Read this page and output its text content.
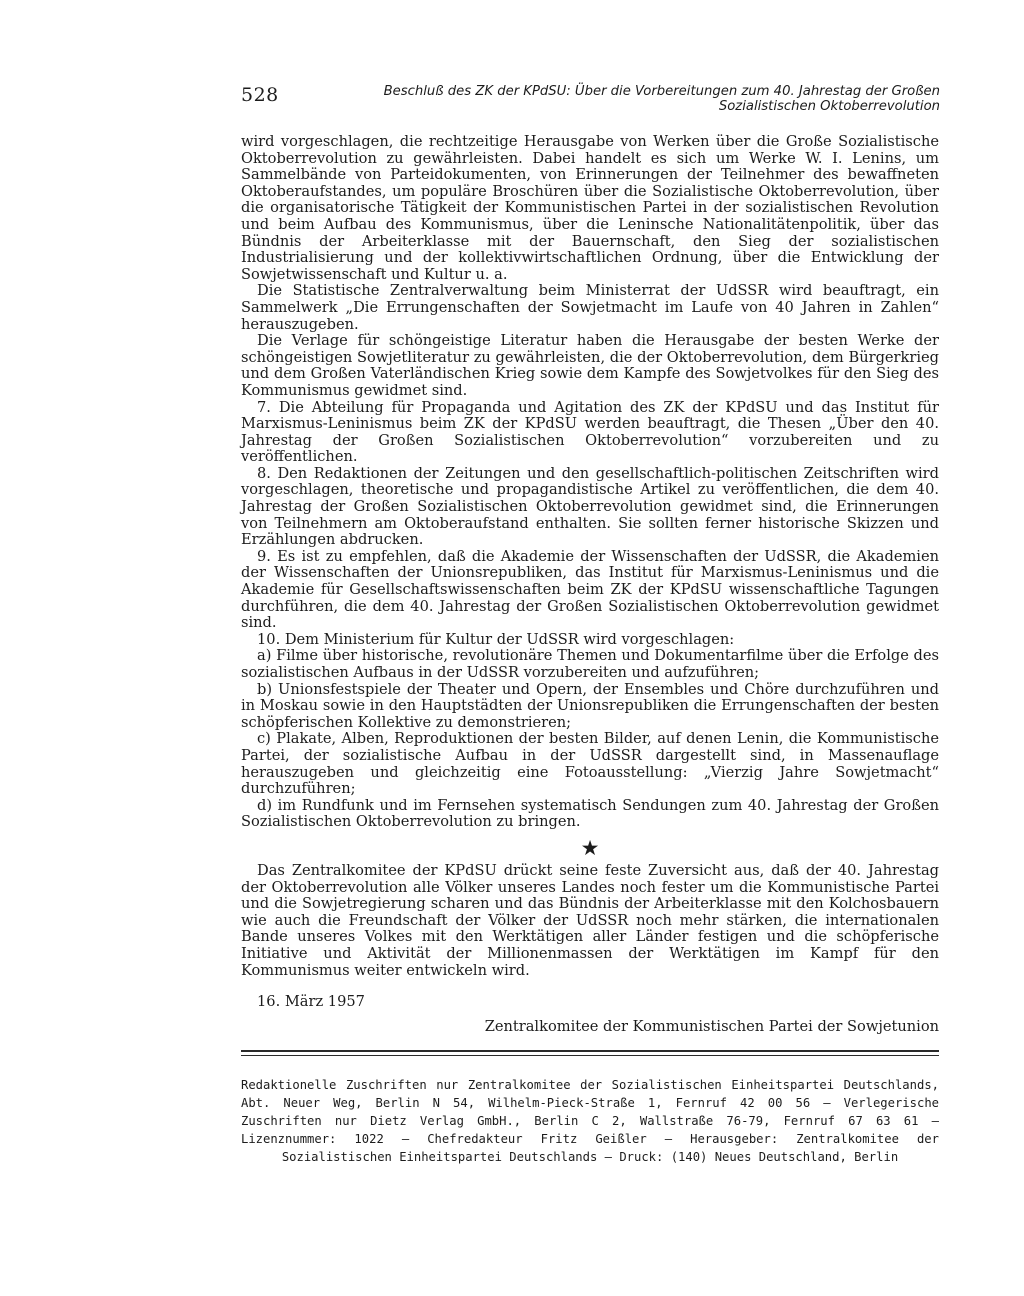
528	Beschluß des ZK der KPdSU: Über die Vorbereitungen zum 40. Jahrestag der Großen
Sozialistischen Oktoberrevolution

wird vorgeschlagen, die rechtzeitige Herausgabe von Werken über die Große Sozialistische Oktoberrevolution zu gewährleisten. Dabei handelt es sich um Werke W. I. Lenins, um Sammelbände von Parteidokumenten, von Erinnerungen der Teilnehmer des bewaffneten Oktoberaufstandes, um populäre Broschüren über die Sozialistische Oktoberrevolution, über die organisatorische Tätigkeit der Kommunistischen Partei in der sozialistischen Revolution und beim Aufbau des Kommunismus, über die Leninsche Nationalitätenpolitik, über das Bündnis der Arbeiterklasse mit der Bauernschaft, den Sieg der sozialistischen Industrialisierung und der kollektivwirtschaftlichen Ordnung, über die Entwicklung der Sowjetwissenschaft und Kultur u. a.

Die Statistische Zentralverwaltung beim Ministerrat der UdSSR wird beauftragt, ein Sammelwerk „Die Errungenschaften der Sowjetmacht im Laufe von 40 Jahren in Zahlen“ herauszugeben.

Die Verlage für schöngeistige Literatur haben die Herausgabe der besten Werke der schöngeistigen Sowjetliteratur zu gewährleisten, die der Oktoberrevolution, dem Bürgerkrieg und dem Großen Vaterländischen Krieg sowie dem Kampfe des Sowjetvolkes für den Sieg des Kommunismus gewidmet sind.

7. Die Abteilung für Propaganda und Agitation des ZK der KPdSU und das Institut für Marxismus-Leninismus beim ZK der KPdSU werden beauftragt, die Thesen „Über den 40. Jahrestag der Großen Sozialistischen Oktoberrevolution“ vorzubereiten und zu veröffentlichen.

8. Den Redaktionen der Zeitungen und den gesellschaftlich-politischen Zeitschriften wird vorgeschlagen, theoretische und propagandistische Artikel zu veröffentlichen, die dem 40. Jahrestag der Großen Sozialistischen Oktoberrevolution gewidmet sind, die Erinnerungen von Teilnehmern am Oktoberaufstand enthalten. Sie sollten ferner historische Skizzen und Erzählungen abdrucken.

9. Es ist zu empfehlen, daß die Akademie der Wissenschaften der UdSSR, die Akademien der Wissenschaften der Unionsrepubliken, das Institut für Marxismus-Leninismus und die Akademie für Gesellschaftswissenschaften beim ZK der KPdSU wissenschaftliche Tagungen durchführen, die dem 40. Jahrestag der Großen Sozialistischen Oktoberrevolution gewidmet sind.

10. Dem Ministerium für Kultur der UdSSR wird vorgeschlagen:

a) Filme über historische, revolutionäre Themen und Dokumentarfilme über die Erfolge des sozialistischen Aufbaus in der UdSSR vorzubereiten und aufzuführen;

b) Unionsfestspiele der Theater und Opern, der Ensembles und Chöre durchzuführen und in Moskau sowie in den Hauptstädten der Unionsrepubliken die Errungenschaften der besten schöpferischen Kollektive zu demonstrieren;

c) Plakate, Alben, Reproduktionen der besten Bilder, auf denen Lenin, die Kommunistische Partei, der sozialistische Aufbau in der UdSSR dargestellt sind, in Massenauflage herauszugeben und gleichzeitig eine Fotoausstellung: „Vierzig Jahre Sowjetmacht“ durchzuführen;

d) im Rundfunk und im Fernsehen systematisch Sendungen zum 40. Jahrestag der Großen Sozialistischen Oktoberrevolution zu bringen.

★

Das Zentralkomitee der KPdSU drückt seine feste Zuversicht aus, daß der 40. Jahrestag der Oktoberrevolution alle Völker unseres Landes noch fester um die Kommunistische Partei und die Sowjetregierung scharen und das Bündnis der Arbeiterklasse mit den Kolchosbauern wie auch die Freundschaft der Völker der UdSSR noch mehr stärken, die internationalen Bande unseres Volkes mit den Werktätigen aller Länder festigen und die schöpferische Initiative und Aktivität der Millionenmassen der Werktätigen im Kampf für den Kommunismus weiter entwickeln wird.

16. März 1957
Zentralkomitee der Kommunistischen Partei der Sowjetunion
Redaktionelle Zuschriften nur Zentralkomitee der Sozialistischen Einheitspartei Deutschlands, Abt. Neuer Weg, Berlin N 54, Wilhelm-Pieck-Straße 1, Fernruf 42 00 56 — Verlegerische Zuschriften nur Dietz Verlag GmbH., Berlin C 2, Wallstraße 76-79, Fernruf 67 63 61 — Lizenznummer: 1022 — Chefredakteur Fritz Geißler — Herausgeber: Zentralkomitee der Sozialistischen Einheitspartei Deutschlands — Druck: (140) Neues Deutschland, Berlin
